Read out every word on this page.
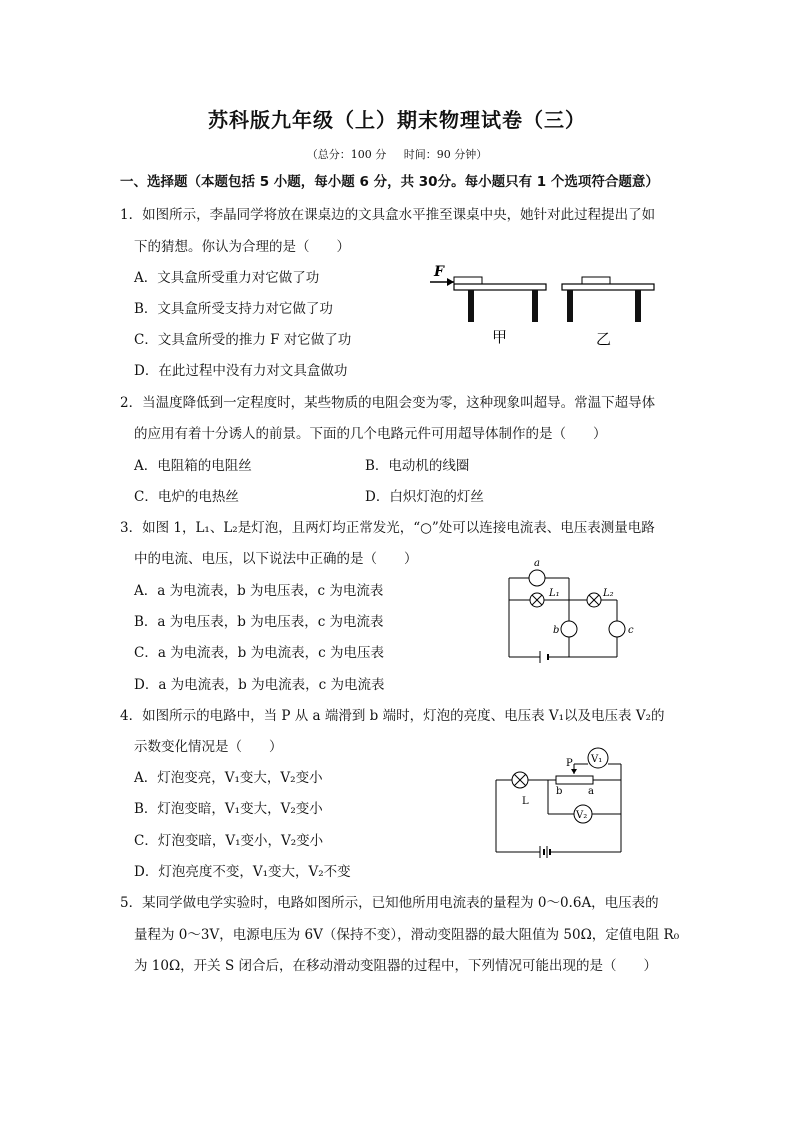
苏科版九年级（上）期末物理试卷（三）
（总分：100 分     时间：90 分钟）
一、选择题（本题包括 5 小题，每小题 6 分，共 30分。每小题只有 1 个选项符合题意）
1．如图所示，李晶同学将放在课桌边的文具盒水平推至课桌中央，她针对此过程提出了如
下的猜想。你认为合理的是（　　）
A．文具盒所受重力对它做了功
B．文具盒所受支持力对它做了功
C．文具盒所受的推力 F 对它做了功
D．在此过程中没有力对文具盒做功
F
甲	乙
2．当温度降低到一定程度时，某些物质的电阻会变为零，这种现象叫超导。常温下超导体
的应用有着十分诱人的前景。下面的几个电路元件可用超导体制作的是（　　）
A．电阻箱的电阻丝	B．电动机的线圈
C．电炉的电热丝	D．白炽灯泡的灯丝
3．如图 1，L₁、L₂是灯泡，且两灯均正常发光，“○”处可以连接电流表、电压表测量电路
中的电流、电压，以下说法中正确的是（　　）
A．a 为电流表，b 为电压表，c 为电流表
B．a 为电压表，b 为电压表，c 为电流表
C．a 为电流表，b 为电流表，c 为电压表
D．a 为电流表，b 为电流表，c 为电流表
a
L₁	L₂
b	c
4．如图所示的电路中，当 P 从 a 端滑到 b 端时，灯泡的亮度、电压表 V₁以及电压表 V₂的
示数变化情况是（　　）
A．灯泡变亮，V₁变大，V₂变小
B．灯泡变暗，V₁变大，V₂变小
C．灯泡变暗，V₁变小，V₂变小
D．灯泡亮度不变，V₁变大，V₂不变
P
b	a
L
V₁
V₂
5．某同学做电学实验时，电路如图所示，已知他所用电流表的量程为 0～0.6A，电压表的
量程为 0～3V，电源电压为 6V（保持不变），滑动变阻器的最大阻值为 50Ω，定值电阻 R₀
为 10Ω，开关 S 闭合后，在移动滑动变阻器的过程中，下列情况可能出现的是（　　）
